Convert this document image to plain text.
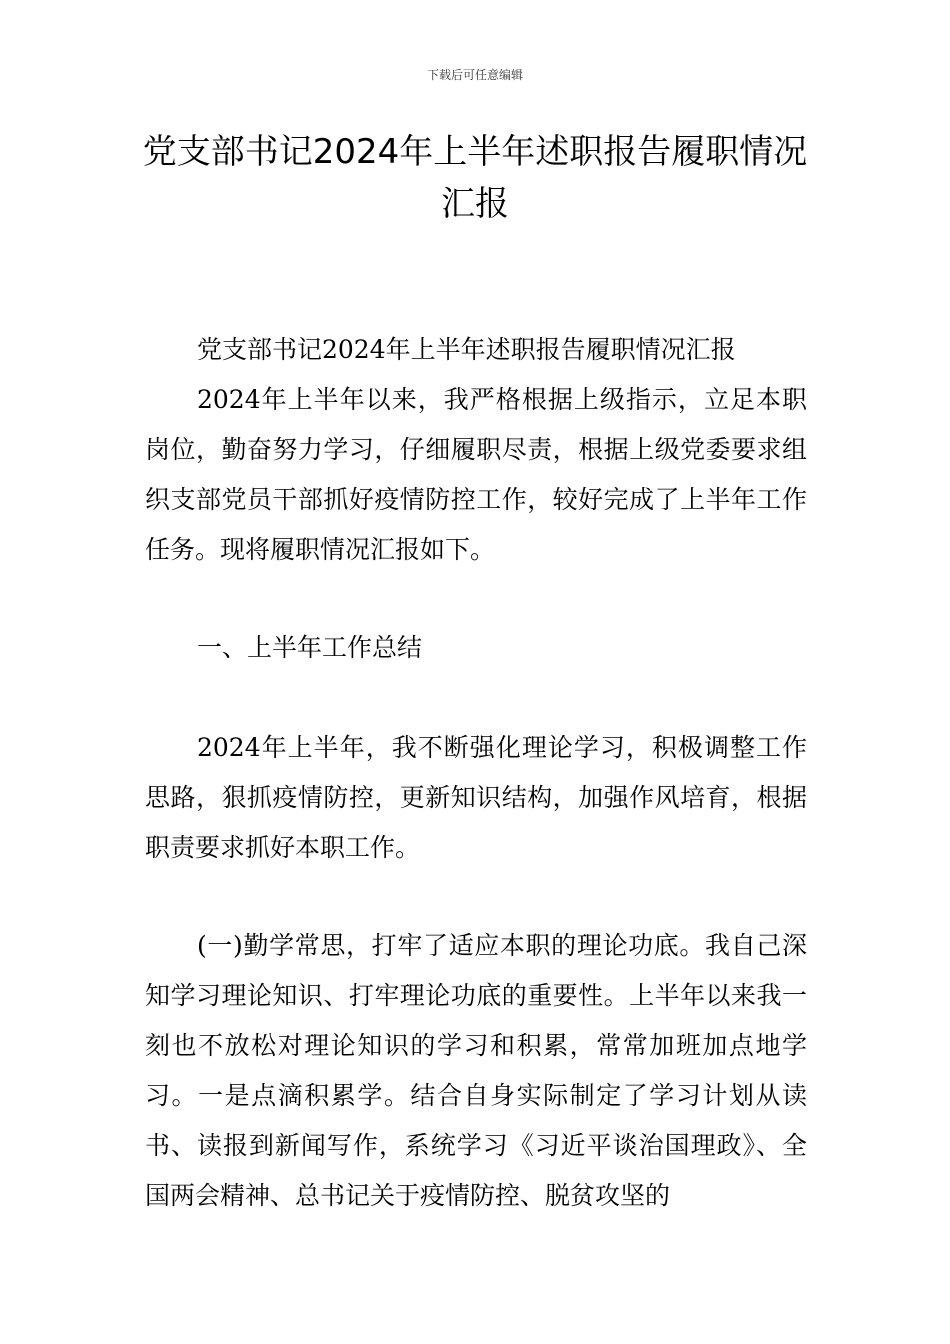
下载后可任意编辑
党支部书记2024年上半年述职报告履职情况汇报

党支部书记2024年上半年述职报告履职情况汇报

2024年上半年以来，我严格根据上级指示，立足本职岗位，勤奋努力学习，仔细履职尽责，根据上级党委要求组织支部党员干部抓好疫情防控工作，较好完成了上半年工作任务。现将履职情况汇报如下。

一、上半年工作总结

2024年上半年，我不断强化理论学习，积极调整工作思路，狠抓疫情防控，更新知识结构，加强作风培育，根据职责要求抓好本职工作。

(一)勤学常思，打牢了适应本职的理论功底。我自己深知学习理论知识、打牢理论功底的重要性。上半年以来我一刻也不放松对理论知识的学习和积累，常常加班加点地学习。一是点滴积累学。结合自身实际制定了学习计划从读书、读报到新闻写作，系统学习《习近平谈治国理政》、全国两会精神、总书记关于疫情防控、脱贫攻坚的
